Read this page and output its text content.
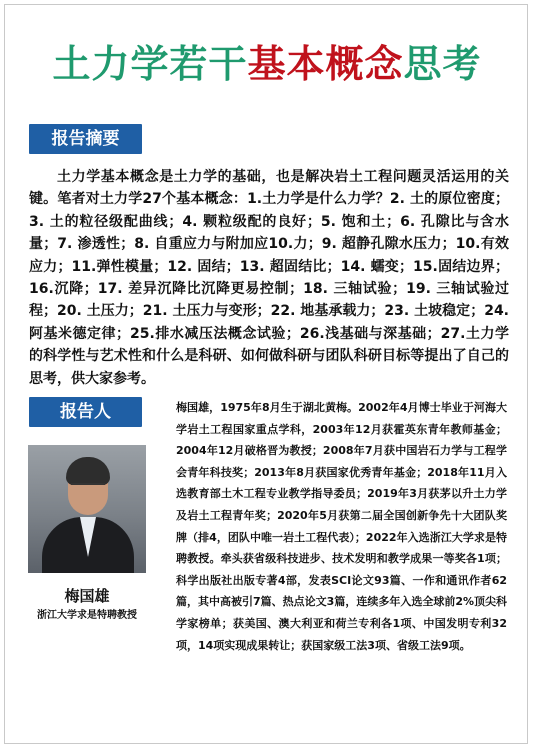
土力学若干基本概念思考
报告摘要

土力学基本概念是土力学的基础，也是解决岩土工程问题灵活运用的关键。笔者对土力学27个基本概念：1.土力学是什么力学？2. 土的原位密度；3. 土的粒径级配曲线；4. 颗粒级配的良好；5. 饱和土；6. 孔隙比与含水量；7. 渗透性；8. 自重应力与附加应10.力；9. 超静孔隙水压力；10.有效应力；11.弹性模量；12. 固结；13. 超固结比；14. 蠕变；15.固结边界；16.沉降；17. 差异沉降比沉降更易控制；18. 三轴试验；19. 三轴试验过程；20. 土压力；21. 土压力与变形；22. 地基承载力；23. 土坡稳定；24. 阿基米德定律；25.排水减压法概念试验；26.浅基础与深基础；27.土力学的科学性与艺术性和什么是科研、如何做科研与团队科研目标等提出了自己的思考，供大家参考。

报告人
梅国雄
浙江大学求是特聘教授

梅国雄，1975年8月生于湖北黄梅。2002年4月博士毕业于河海大学岩土工程国家重点学科，2003年12月获霍英东青年教师基金；2004年12月破格晋为教授；2008年7月获中国岩石力学与工程学会青年科技奖；2013年8月获国家优秀青年基金；2018年11月入选教育部土木工程专业教学指导委员；2019年3月获茅以升土力学及岩土工程青年奖；2020年5月获第二届全国创新争先十大团队奖牌（排4，团队中唯一岩土工程代表）；2022年入选浙江大学求是特聘教授。牵头获省级科技进步、技术发明和教学成果一等奖各1项；科学出版社出版专著4部，发表SCI论文93篇、一作和通讯作者62篇，其中高被引7篇、热点论文3篇，连续多年入选全球前2%顶尖科学家榜单；获美国、澳大利亚和荷兰专利各1项、中国发明专利32项，14项实现成果转让；获国家级工法3项、省级工法9项。
